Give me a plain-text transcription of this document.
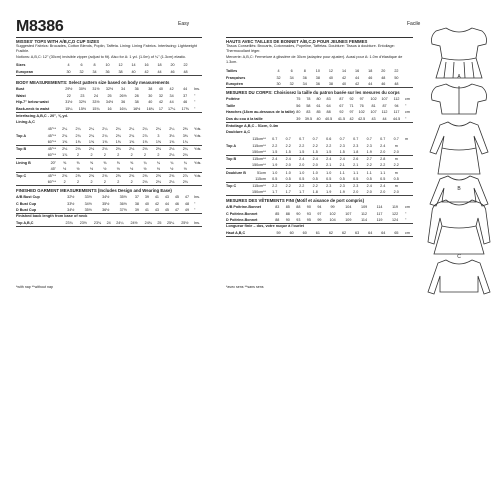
M8386	Easy	Facile
MISSES' TOPS WITH A/B,C,D CUP SIZES
Suggested Fabrics: Brocades, Cotton Blends, Poplin, Taffeta. Lining: Lining Fabrics. Interfacing: Lightweight Fusible.
Notions: A,B,C: 12" (30cm) invisible zipper (adjust to fit). Also for A: 1 yd. (1.0m) of ¼" (1.3cm) elastic.
Sizes	4	6	8	10	12	14	16	18	20	22	
European	30	32	34	36	38	40	42	44	46	48	
BODY MEASUREMENTS: Select pattern size based on body measurements
Bust	29½	30½	31½	32½	34	36	38	40	42	44	Ins.
Waist	22	23	24	25	26½	28	30	32	34	37	"
Hip-7" below waist	31½	32½	33½	34½	36	38	40	42	44	46	"
Back-neck to waist	15¼	15½	15¾	16	16¼	16½	16¾	17	17¼	17⅝	"
Interfacing A,B,C - 20", ⅜ yd.
Lining A,C
	45"**	2¼	2¼	2¼	2¼	2¼	2¼	2¼	2¼	2¼	2⅜	Yds.
Top A	45"**	2¾	2¾	2¾	2¾	2¾	2¾	2⅞	3	3⅛	3⅜	Yds.
	60"**	1⅝	1⅝	1⅝	1⅝	1⅝	1⅝	1⅝	1⅝	1⅝	1¾	
Top B	45"**	2⅛	2⅛	2⅛	2⅛	2⅛	2⅛	2⅛	2⅛	2⅛	2¼	Yds.
	60"**	1⅞	2	2	2	2	2	2	2	2⅛	2⅛	
Lining B	20"	⅝	⅝	⅝	⅝	⅝	⅝	¾	¾	¾	¾	Yds.
	45"	½	½	½	½	½	½	½	½	½	½	
Top C	45"**	2⅝	2⅝	2⅝	2⅝	2⅝	2⅝	2⅝	2⅝	2⅝	2⅞	Yds.
	60"**	2	2	2	2	2	2	2⅛	2⅛	2⅛	2⅛	
FINISHED GARMENT MEASUREMENTS (Includes Design and Wearing Ease)
A/B Bust Cup	32½	33½	34½	35½	37	39	41	43	45	47	Ins.
C Bust Cup	33½	34½	35½	36½	38	40	42	44	46	48	"
D Bust Cup	34½	35½	36½	37½	39	41	43	45	47	49	"
Finished back length from base of neck
Top A,B,C	23¾	23½	23¾	24	24¼	24½	24¾	25	25¼	25½	Ins.
*with nap **without nap
HAUTS AVEC TAILLES DE BONNET A/B,C,D POUR JEUNES FEMMES
Tissus Conseillés: Brocarts, Cotonnades, Popeline, Taffetas. Doublure: Tissus à doublure. Entoilage: Thermocollant léger.
Mercerie: A,B,C: Fermeture à glissière de 30cm (adaptez pour ajuster). Aussi pour A: 1.0m d'élastique de 1.3cm.
Tailles	4	6	8	10	12	14	16	18	20	22	
Françaises	32	34	36	38	40	42	44	46	48	50	
Européen	30	32	34	36	38	40	42	44	46	48	
MESURES DU CORPS: Choisissez la taille du patron basée sur les mesures du corps
Poitrine	75	78	80	83	87	92	97	102	107	112	cm
Taille	56	58	61	64	67	71	76	81	87	94	"
Hanches (18cm au-dessous de la taille)	80	83	85	88	92	97	102	107	112	117	cm
Dos du cou à la taille	39	39.5	40	40.5	41.5	42	42.5	43	44	44.5	"
Entoilage A,B,C - 51cm, 0.4m
Doublure A,C
	115cm**	0.7	0.7	0.7	0.7	0.6	0.7	0.7	0.7	0.7	0.7	m
Top A	115cm**	2.2	2.2	2.2	2.2	2.2	2.3	2.3	2.3	2.4	m	
	150cm**	1.5	1.5	1.5	1.5	1.5	1.5	1.8	1.9	2.0	2.0	
Top B	115cm**	2.4	2.4	2.4	2.4	2.4	2.4	2.6	2.7	2.8	m	
	150cm**	1.9	2.0	2.0	2.0	2.1	2.1	2.1	2.2	2.2	2.2	
Doublure B	51cm	1.0	1.0	1.0	1.0	1.0	1.1	1.1	1.1	1.1	m	
	115cm	0.5	0.5	0.5	0.5	0.5	0.5	0.5	0.5	0.5	0.5	
Top C	115cm**	2.2	2.2	2.2	2.2	2.3	2.3	2.3	2.4	2.4	m	
	150cm**	1.7	1.7	1.7	1.8	1.9	1.9	2.0	2.0	2.0	2.0	
MESURES DES VÊTEMENTS FINI (Motif et aisance de port compris)
A/B Poitrine-Bonnet	83	85	88	90	94	99	104	109	114	119	cm
C Poitrine-Bonnet	85	88	90	93	97	102	107	112	117	122	"
D Poitrine-Bonnet	88	90	93	95	99	104	109	114	119	124	"
Longueur finie – dos, votre nuque à l'ourlet
Haut A,B,C	59	60	60	61	62	62	63	64	64	65	cm
*avec sens **sans sens
A
B
C
